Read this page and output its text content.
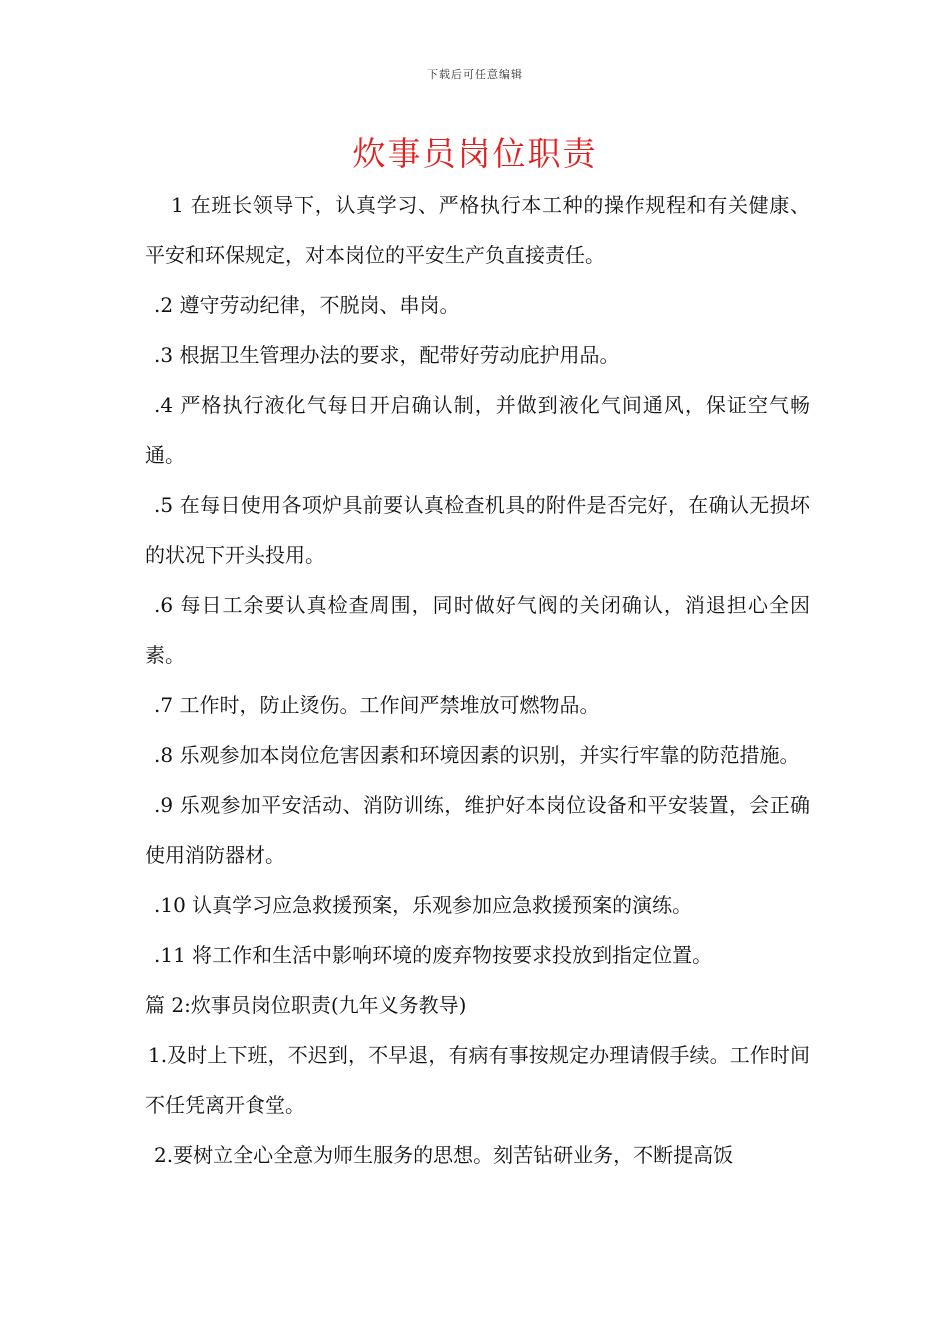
下载后可任意编辑
炊事员岗位职责

1 在班长领导下，认真学习、严格执行本工种的操作规程和有关健康、平安和环保规定，对本岗位的平安生产负直接责任。

.2 遵守劳动纪律，不脱岗、串岗。

.3 根据卫生管理办法的要求，配带好劳动庇护用品。

.4 严格执行液化气每日开启确认制，并做到液化气间通风，保证空气畅通。

.5 在每日使用各项炉具前要认真检查机具的附件是否完好，在确认无损坏的状况下开头投用。

.6 每日工余要认真检查周围，同时做好气阀的关闭确认，消退担心全因素。

.7 工作时，防止烫伤。工作间严禁堆放可燃物品。

.8 乐观参加本岗位危害因素和环境因素的识别，并实行牢靠的防范措施。

.9 乐观参加平安活动、消防训练，维护好本岗位设备和平安装置，会正确使用消防器材。

.10 认真学习应急救援预案，乐观参加应急救援预案的演练。

.11 将工作和生活中影响环境的废弃物按要求投放到指定位置。

篇 2:炊事员岗位职责(九年义务教导)

1.及时上下班，不迟到，不早退，有病有事按规定办理请假手续。工作时间不任凭离开食堂。

2.要树立全心全意为师生服务的思想。刻苦钻研业务，不断提高饭
